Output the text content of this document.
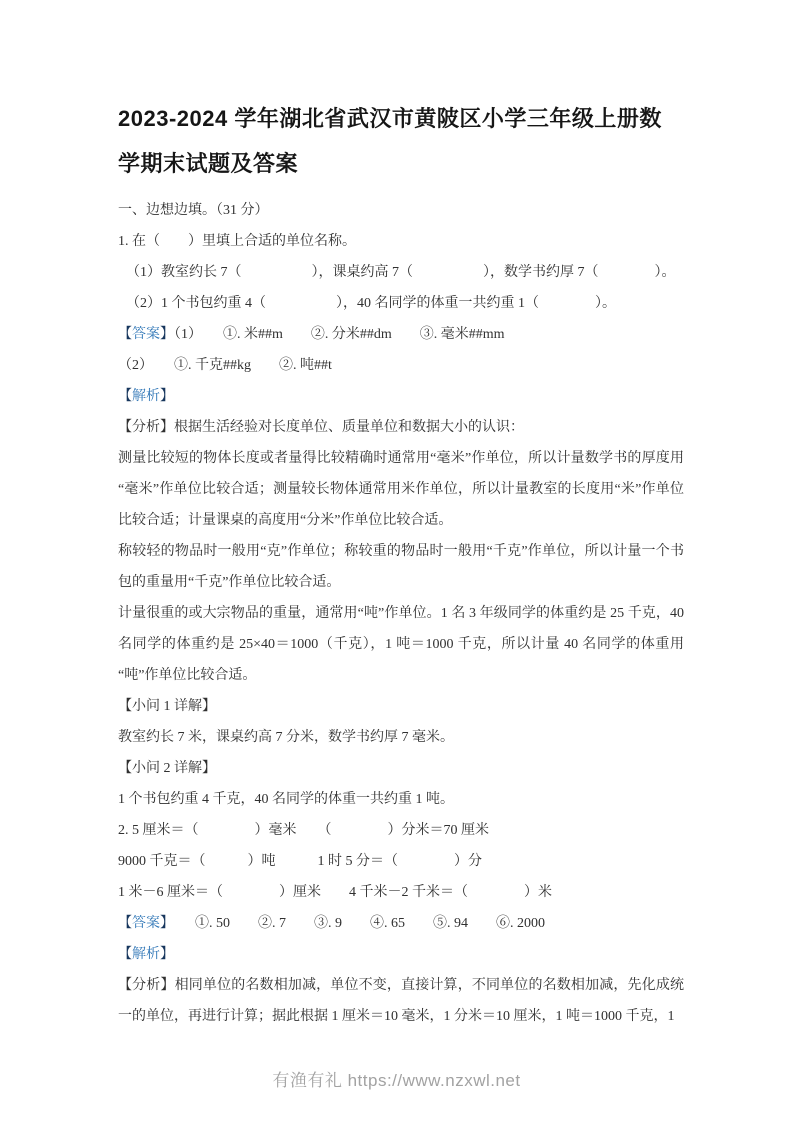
2023-2024 学年湖北省武汉市黄陂区小学三年级上册数学期末试题及答案
一、边想边填。（31 分）
1. 在（　　）里填上合适的单位名称。
（1）教室约长 7（　　　　　），课桌约高 7（　　　　　），数学书约厚 7（　　　　）。
（2）1 个书包约重 4（　　　　　），40 名同学的体重一共约重 1（　　　　）。
【答案】（1）　　①. 米##m　　②. 分米##dm　　③. 毫米##mm
（2）　　①. 千克##kg　　②. 吨##t
【解析】
【分析】根据生活经验对长度单位、质量单位和数据大小的认识：
测量比较短的物体长度或者量得比较精确时通常用“毫米”作单位，所以计量数学书的厚度用“毫米”作单位比较合适；测量较长物体通常用米作单位，所以计量教室的长度用“米”作单位比较合适；计量课桌的高度用“分米”作单位比较合适。
称较轻的物品时一般用“克”作单位；称较重的物品时一般用“千克”作单位，所以计量一个书包的重量用“千克”作单位比较合适。
计量很重的或大宗物品的重量，通常用“吨”作单位。1 名 3 年级同学的体重约是 25 千克，40 名同学的体重约是 25×40＝1000（千克），1 吨＝1000 千克，所以计量 40 名同学的体重用“吨”作单位比较合适。
【小问 1 详解】
教室约长 7 米，课桌约高 7 分米，数学书约厚 7 毫米。
【小问 2 详解】
1 个书包约重 4 千克，40 名同学的体重一共约重 1 吨。
2. 5 厘米＝（　　　　）毫米　　（　　　　）分米＝70 厘米
9000 千克＝（　　　）吨　　　1 时 5 分＝（　　　　）分
1 米－6 厘米＝（　　　　）厘米　　4 千米－2 千米＝（　　　　）米
【答案】　　①. 50　　②. 7　　③. 9　　④. 65　　⑤. 94　　⑥. 2000
【解析】
【分析】相同单位的名数相加减，单位不变，直接计算，不同单位的名数相加减，先化成统一的单位，再进行计算；据此根据 1 厘米＝10 毫米，1 分米＝10 厘米，1 吨＝1000 千克，1
有渔有礼 https://www.nzxwl.net
